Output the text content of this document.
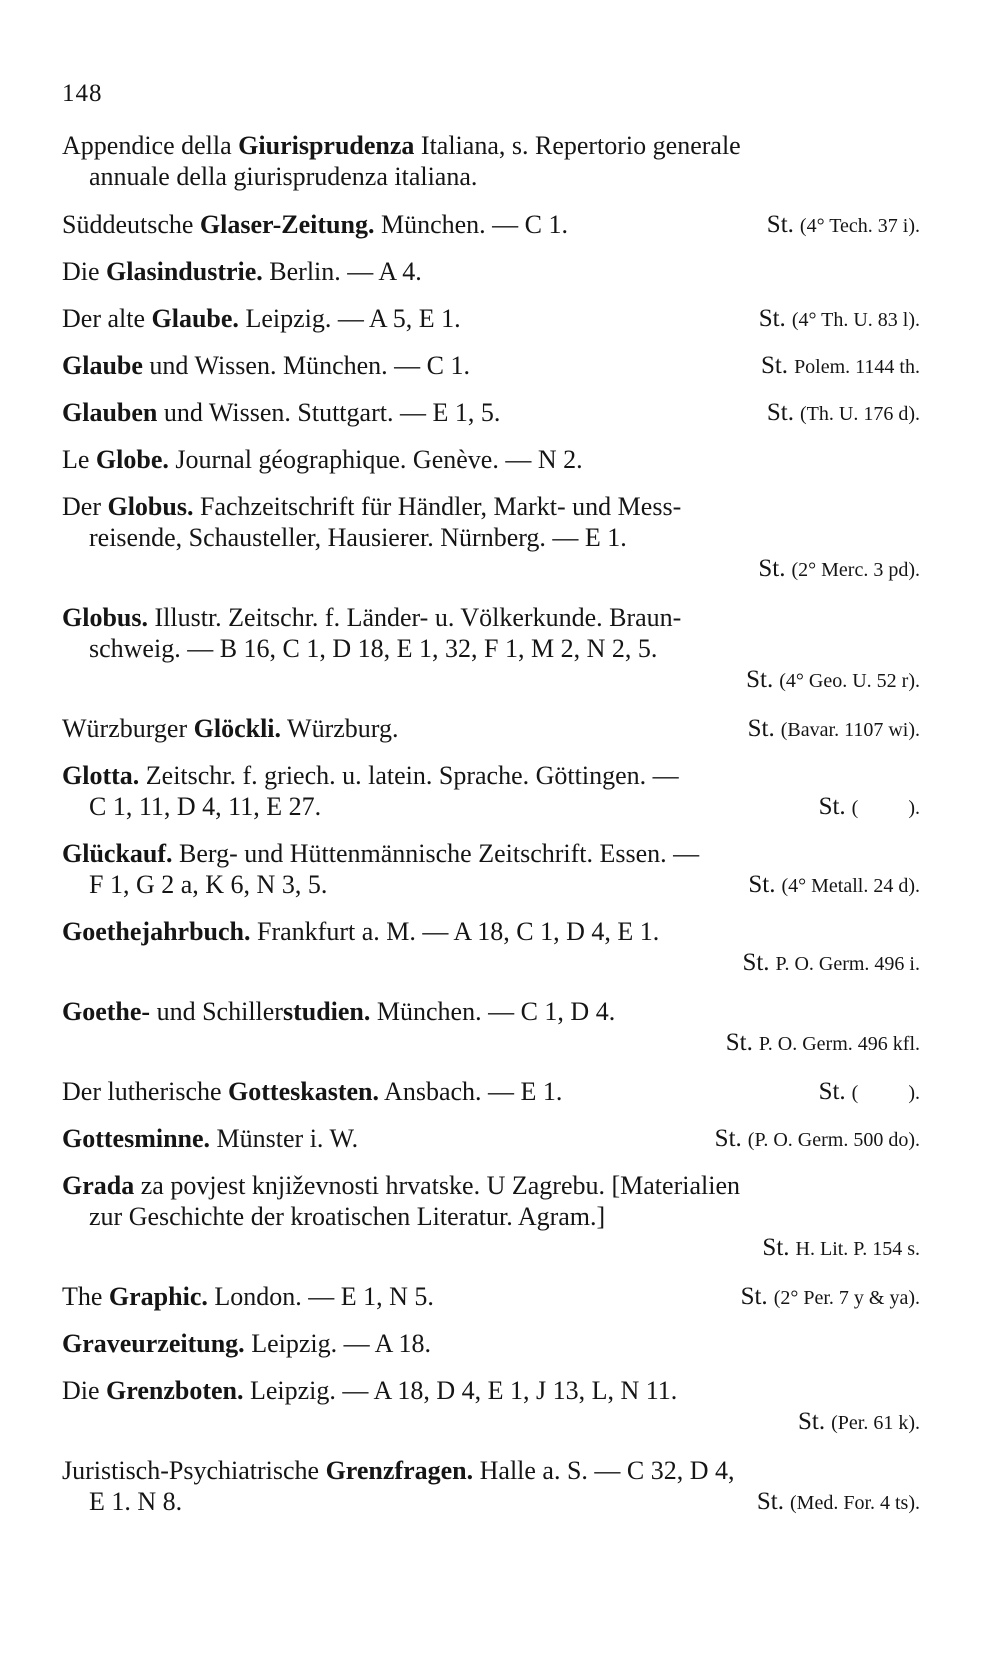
148
Appendice della Giurisprudenza Italiana, s. Repertorio generale
annuale della giurisprudenza italiana.
Süddeutsche Glaser-Zeitung. München. — C 1.	St. (4° Tech. 37 i).
Die Glasindustrie. Berlin. — A 4.
Der alte Glaube. Leipzig. — A 5, E 1.	St. (4° Th. U. 83 l).
Glaube und Wissen. München. — C 1.	St. Polem. 1144 th.
Glauben und Wissen. Stuttgart. — E 1, 5.	St. (Th. U. 176 d).
Le Globe. Journal géographique. Genève. — N 2.
Der Globus. Fachzeitschrift für Händler, Markt- und Mess-
reisende, Schausteller, Hausierer. Nürnberg. — E 1.
St. (2° Merc. 3 pd).
Globus. Illustr. Zeitschr. f. Länder- u. Völkerkunde. Braun-
schweig. — B 16, C 1, D 18, E 1, 32, F 1, M 2, N 2, 5.
St. (4° Geo. U. 52 r).
Würzburger Glöckli. Würzburg.	St. (Bavar. 1107 wi).
Glotta. Zeitschr. f. griech. u. latein. Sprache. Göttingen. —
C 1, 11, D 4, 11, E 27.	St. (          ).
Glückauf. Berg- und Hüttenmännische Zeitschrift. Essen. —
F 1, G 2 a, K 6, N 3, 5.	St. (4° Metall. 24 d).
Goethejahrbuch. Frankfurt a. M. — A 18, C 1, D 4, E 1.
St. P. O. Germ. 496 i.
Goethe- und Schillerstudien. München. — C 1, D 4.
St. P. O. Germ. 496 kfl.
Der lutherische Gotteskasten. Ansbach. — E 1.	St. (          ).
Gottesminne. Münster i. W.	St. (P. O. Germ. 500 do).
Grada za povjest književnosti hrvatske. U Zagrebu. [Materialien
zur Geschichte der kroatischen Literatur. Agram.]
St. H. Lit. P. 154 s.
The Graphic. London. — E 1, N 5.	St. (2° Per. 7 y & ya).
Graveurzeitung. Leipzig. — A 18.
Die Grenzboten. Leipzig. — A 18, D 4, E 1, J 13, L, N 11.
St. (Per. 61 k).
Juristisch-Psychiatrische Grenzfragen. Halle a. S. — C 32, D 4,
E 1. N 8.	St. (Med. For. 4 ts).
